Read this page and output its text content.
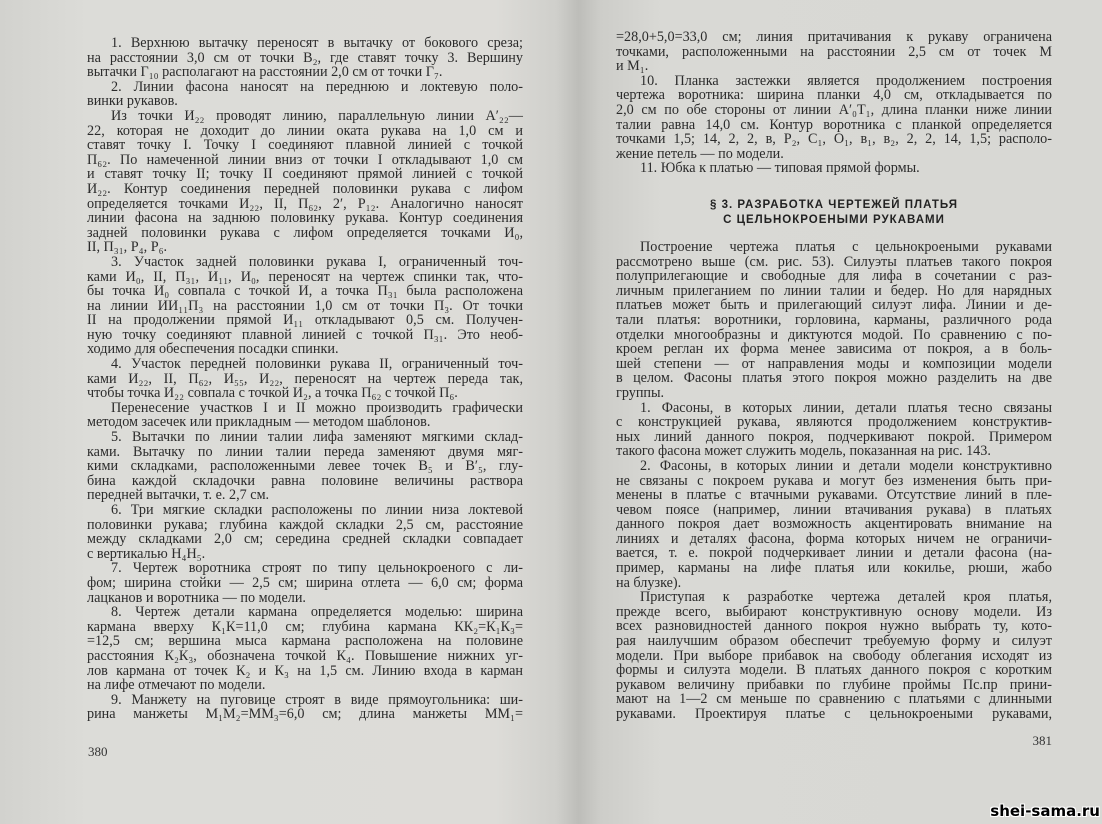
1. Верхнюю вытачку переносят в вытачку от бокового среза;
на расстоянии 3,0 см от точки В₂, где ставят точку 3. Вершину
вытачки Г₁₀ располагают на расстоянии 2,0 см от точки Г₇.
2. Линии фасона наносят на переднюю и локтевую поло-
винки рукавов.
Из точки И₂₂ проводят линию, параллельную линии А′₂₂—
22, которая не доходит до линии оката рукава на 1,0 см и
ставят точку I. Точку I соединяют плавной линией с точкой
П₆₂. По намеченной линии вниз от точки I откладывают 1,0 см
и ставят точку II; точку II соединяют прямой линией с точкой
И₂₂. Контур соединения передней половинки рукава с лифом
определяется точками И₂₂, II, П₆₂, 2′, Р₁₂. Аналогично наносят
линии фасона на заднюю половинку рукава. Контур соединения
задней половинки рукава с лифом определяется точками И₀,
II, П₃₁, Р₄, Р₆.
3. Участок задней половинки рукава I, ограниченный точ-
ками И₀, II, П₃₁, И₁₁, И₀, переносят на чертеж спинки так, что-
бы точка И₀ совпала с точкой И, а точка П₃₁ была расположена
на линии ИИ₁₁П₃ на расстоянии 1,0 см от точки П₃. От точки
II на продолжении прямой И₁₁ откладывают 0,5 см. Получен-
ную точку соединяют плавной линией с точкой П₃₁. Это необ-
ходимо для обеспечения посадки спинки.
4. Участок передней половинки рукава II, ограниченный точ-
ками И₂₂, II, П₆₂, И₅₅, И₂₂, переносят на чертеж переда так,
чтобы точка И₂₂ совпала с точкой И₂, а точка П₆₂ с точкой П₆.
Перенесение участков I и II можно производить графически
методом засечек или прикладным — методом шаблонов.
5. Вытачки по линии талии лифа заменяют мягкими склад-
ками. Вытачку по линии талии переда заменяют двумя мяг-
кими складками, расположенными левее точек В₅ и В′₅, глу-
бина каждой складочки равна половине величины раствора
передней вытачки, т. е. 2,7 см.
6. Три мягкие складки расположены по линии низа локтевой
половинки рукава; глубина каждой складки 2,5 см, расстояние
между складками 2,0 см; середина средней складки совпадает
с вертикалью Н₄Н₅.
7. Чертеж воротника строят по типу цельнокроеного с ли-
фом; ширина стойки — 2,5 см; ширина отлета — 6,0 см; форма
лацканов и воротника — по модели.
8. Чертеж детали кармана определяется моделью: ширина
кармана вверху К₁К=11,0 см; глубина кармана КК₂=К₁К₃=
=12,5 см; вершина мыса кармана расположена на половине
расстояния К₂К₃, обозначена точкой К₄. Повышение нижних уг-
лов кармана от точек К₂ и К₃ на 1,5 см. Линию входа в карман
на лифе отмечают по модели.
9. Манжету на пуговице строят в виде прямоугольника: ши-
рина манжеты М₁М₂=ММ₃=6,0 см; длина манжеты ММ₁=
380
=28,0+5,0=33,0 см; линия притачивания к рукаву ограничена
точками, расположенными на расстоянии 2,5 см от точек М
и М₁.
10. Планка застежки является продолжением построения
чертежа воротника: ширина планки 4,0 см, откладывается по
2,0 см по обе стороны от линии А′₀Т₁, длина планки ниже линии
талии равна 14,0 см. Контур воротника с планкой определяется
точками 1,5; 14, 2, 2, в, Р₂, С₁, О₁, в₁, в₂, 2, 2, 14, 1,5; располо-
жение петель — по модели.
11. Юбка к платью — типовая прямой формы.
§ 3. РАЗРАБОТКА ЧЕРТЕЖЕЙ ПЛАТЬЯ
С ЦЕЛЬНОКРОЕНЫМИ РУКАВАМИ
Построение чертежа платья с цельнокроеными рукавами
рассмотрено выше (см. рис. 53). Силуэты платьев такого покроя
полуприлегающие и свободные для лифа в сочетании с раз-
личным прилеганием по линии талии и бедер. Но для нарядных
платьев может быть и прилегающий силуэт лифа. Линии и де-
тали платья: воротники, горловина, карманы, различного рода
отделки многообразны и диктуются модой. По сравнению с по-
кроем реглан их форма менее зависима от покроя, а в боль-
шей степени — от направления моды и композиции модели
в целом. Фасоны платья этого покроя можно разделить на две
группы.
1. Фасоны, в которых линии, детали платья тесно связаны
с конструкцией рукава, являются продолжением конструктив-
ных линий данного покроя, подчеркивают покрой. Примером
такого фасона может служить модель, показанная на рис. 143.
2. Фасоны, в которых линии и детали модели конструктивно
не связаны с покроем рукава и могут без изменения быть при-
менены в платье с втачными рукавами. Отсутствие линий в пле-
чевом поясе (например, линии втачивания рукава) в платьях
данного покроя дает возможность акцентировать внимание на
линиях и деталях фасона, форма которых ничем не ограничи-
вается, т. е. покрой подчеркивает линии и детали фасона (на-
пример, карманы на лифе платья или кокилье, рюши, жабо
на блузке).
Приступая к разработке чертежа деталей кроя платья,
прежде всего, выбирают конструктивную основу модели. Из
всех разновидностей данного покроя нужно выбрать ту, кото-
рая наилучшим образом обеспечит требуемую форму и силуэт
модели. При выборе прибавок на свободу облегания исходят из
формы и силуэта модели. В платьях данного покроя с коротким
рукавом величину прибавки по глубине проймы Пс.пр прини-
мают на 1—2 см меньше по сравнению с платьями с длинными
рукавами. Проектируя платье с цельнокроеными рукавами,
381
shei-sama.ru
